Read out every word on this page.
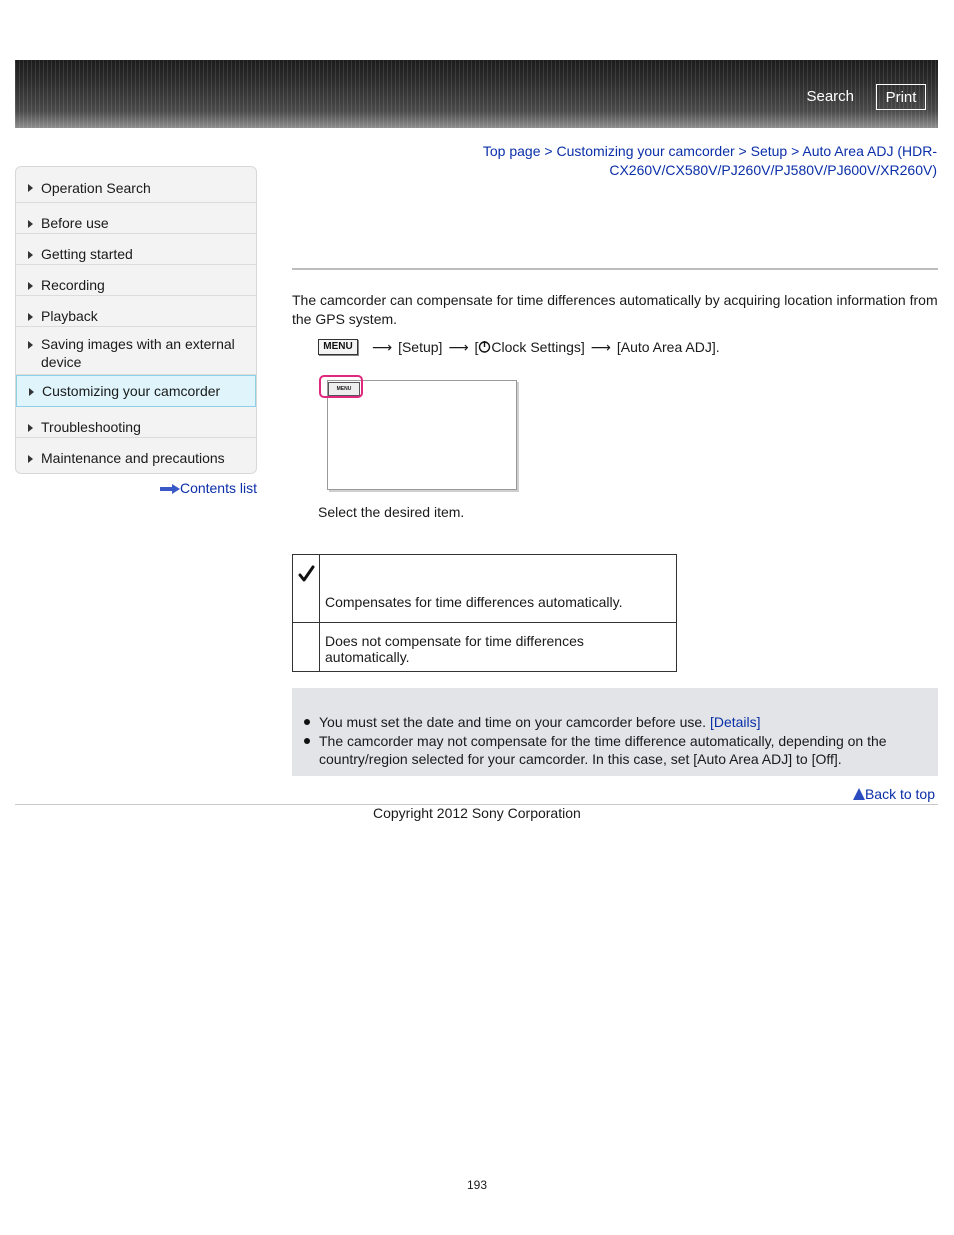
Search	Print
Top page > Customizing your camcorder > Setup > Auto Area ADJ (HDR-
CX260V/CX580V/PJ260V/PJ580V/PJ600V/XR260V)
Operation Search
Before use
Getting started
Recording
Playback
Saving images with an external device
Customizing your camcorder
Troubleshooting
Maintenance and precautions
Contents list
The camcorder can compensate for time differences automatically by acquiring location information from the GPS system.
MENU	⟶ [Setup] ⟶ [ Clock Settings] ⟶ [Auto Area ADJ].
MENU
Select the desired item.
	Compensates for time differences automatically.
	Does not compensate for time differences automatically.
You must set the date and time on your camcorder before use. [Details]
The camcorder may not compensate for the time difference automatically, depending on the country/region selected for your camcorder. In this case, set [Auto Area ADJ] to [Off].
Back to top
Copyright 2012 Sony Corporation
193
